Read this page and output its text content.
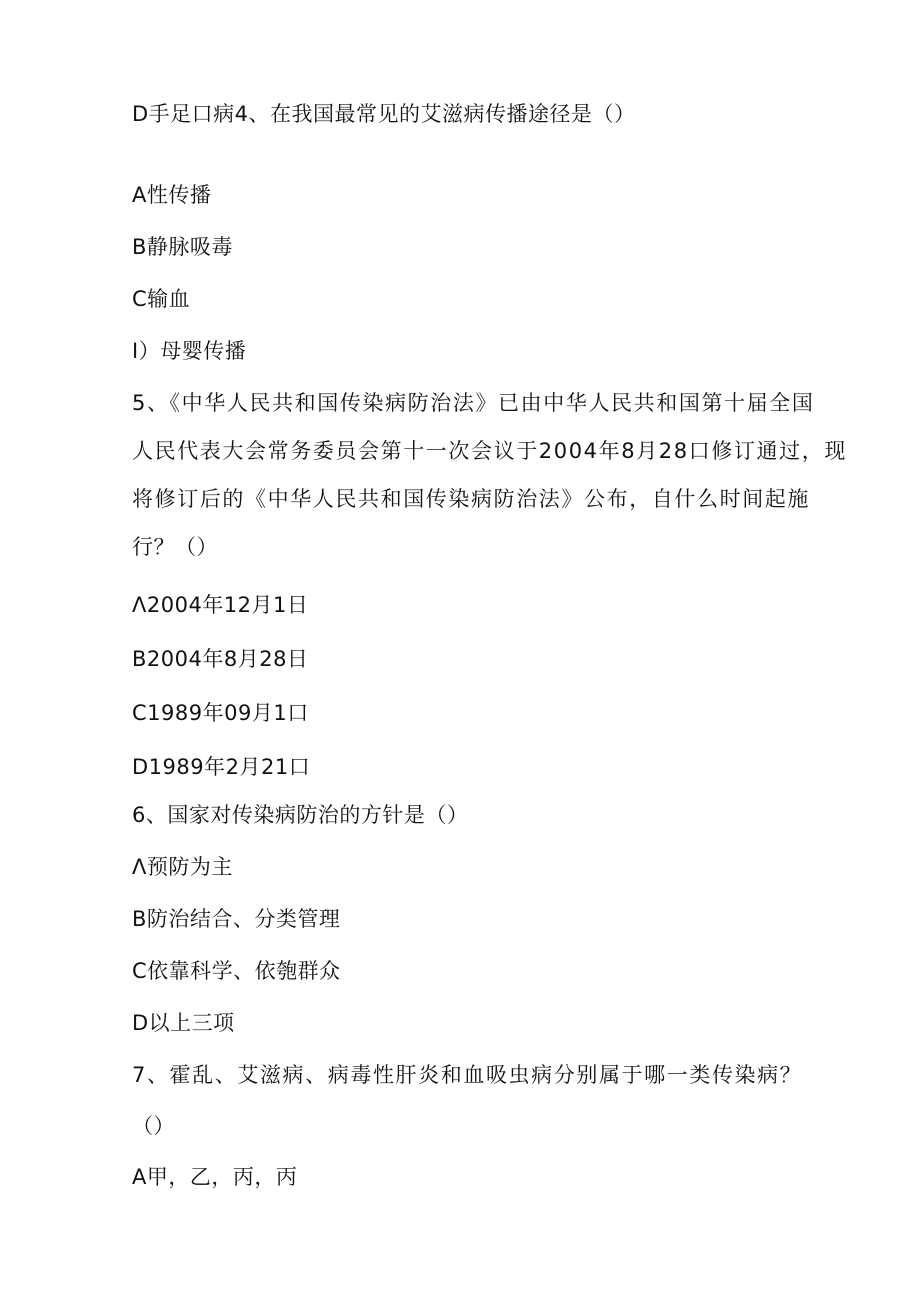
D手足口病4、在我国最常见的艾滋病传播途径是（）
A性传播
B静脉吸毒
C输血
I）母婴传播
5、《中华人民共和国传染病防治法》已由中华人民共和国第十届全国
人民代表大会常务委员会第十一次会议于2004年8月28口修订通过，现
将修订后的《中华人民共和国传染病防治法》公布，自什么时间起施
行？（）
Λ2004年12月1日
B2004年8月28日
C1989年09月1口
D1989年2月21口
6、国家对传染病防治的方针是（）
Λ预防为主
B防治结合、分类管理
C依靠科学、依匏群众
D以上三项
7、霍乱、艾滋病、病毒性肝炎和血吸虫病分别属于哪一类传染病？
（）
A甲，乙，丙，丙
